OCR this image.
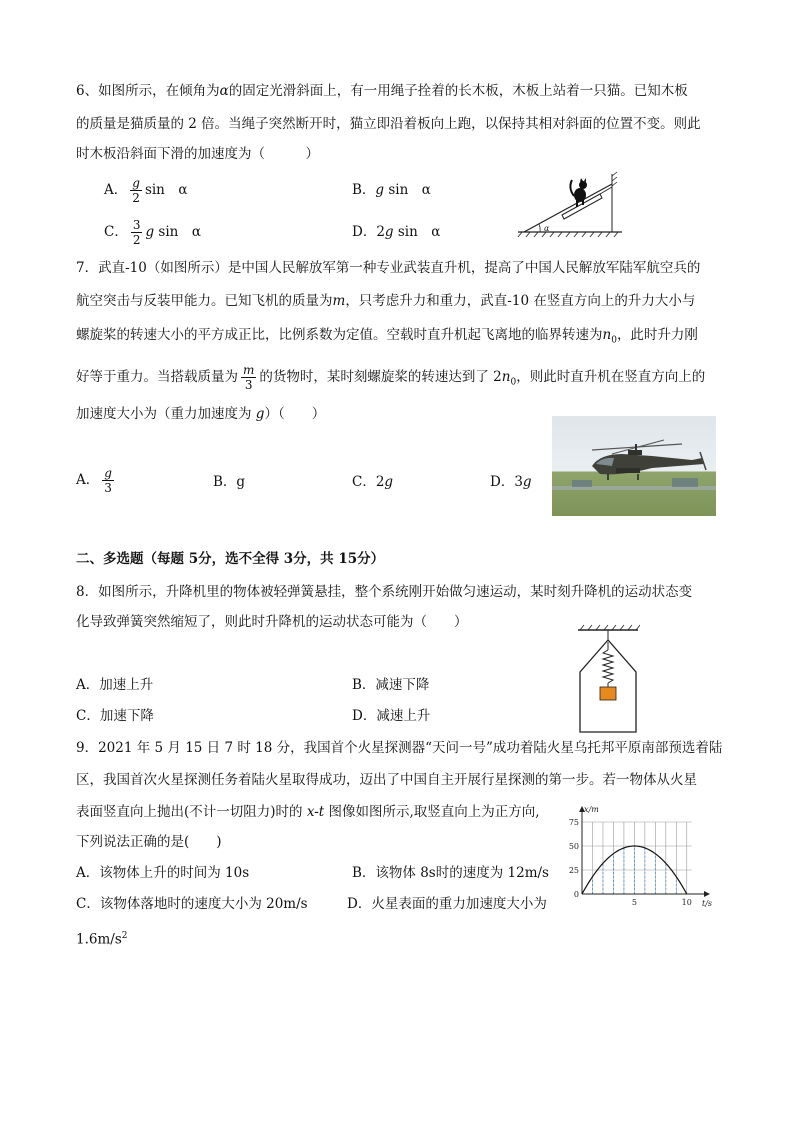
6、如图所示，在倾角为α的固定光滑斜面上，有一用绳子拴着的长木板，木板上站着一只猫。已知木板
的质量是猫质量的 2 倍。当绳子突然断开时，猫立即沿着板向上跑，以保持其相对斜面的位置不变。则此
时木板沿斜面下滑的加速度为（　　　）
A． $\frac{g}{2}$ sin　α	B．g sin　α
C． $\frac{3}{2}$ g sin　α	D．2g sin　α	α
7．武直-10（如图所示）是中国人民解放军第一种专业武装直升机，提高了中国人民解放军陆军航空兵的
航空突击与反装甲能力。已知飞机的质量为m，只考虑升力和重力，武直-10 在竖直方向上的升力大小与
螺旋桨的转速大小的平方成正比，比例系数为定值。空载时直升机起飞离地的临界转速为$n_0$，此时升力刚
好等于重力。当搭载质量为 $\frac{m}{3}$ 的货物时，某时刻螺旋桨的转速达到了 $2n_0$，则此时直升机在竖直方向上的
加速度大小为（重力加速度为 g）（　　）
A． $\frac{g}{3}$	B．g	C．2g	D．3g
二、多选题（每题 5分，选不全得 3分，共 15分）
8．如图所示，升降机里的物体被轻弹簧悬挂，整个系统刚开始做匀速运动，某时刻升降机的运动状态变
化导致弹簧突然缩短了，则此时升降机的运动状态可能为（　　）
A．加速上升	B．减速下降
C．加速下降	D．减速上升
9．2021 年 5 月 15 日 7 时 18 分，我国首个火星探测器“天问一号”成功着陆火星乌托邦平原南部预选着陆
区，我国首次火星探测任务着陆火星取得成功，迈出了中国自主开展行星探测的第一步。若一物体从火星
表面竖直向上抛出(不计一切阻力)时的 x-t 图像如图所示,取竖直向上为正方向,
下列说法正确的是(　　)
A．该物体上升的时间为 10s	B．该物体 8s时的速度为 12m/s
C．该物体落地时的速度大小为 20m/s	D．火星表面的重力加速度大小为
$1.6m/s^2$
x/m
t/s
0
25
50
75
5	10
